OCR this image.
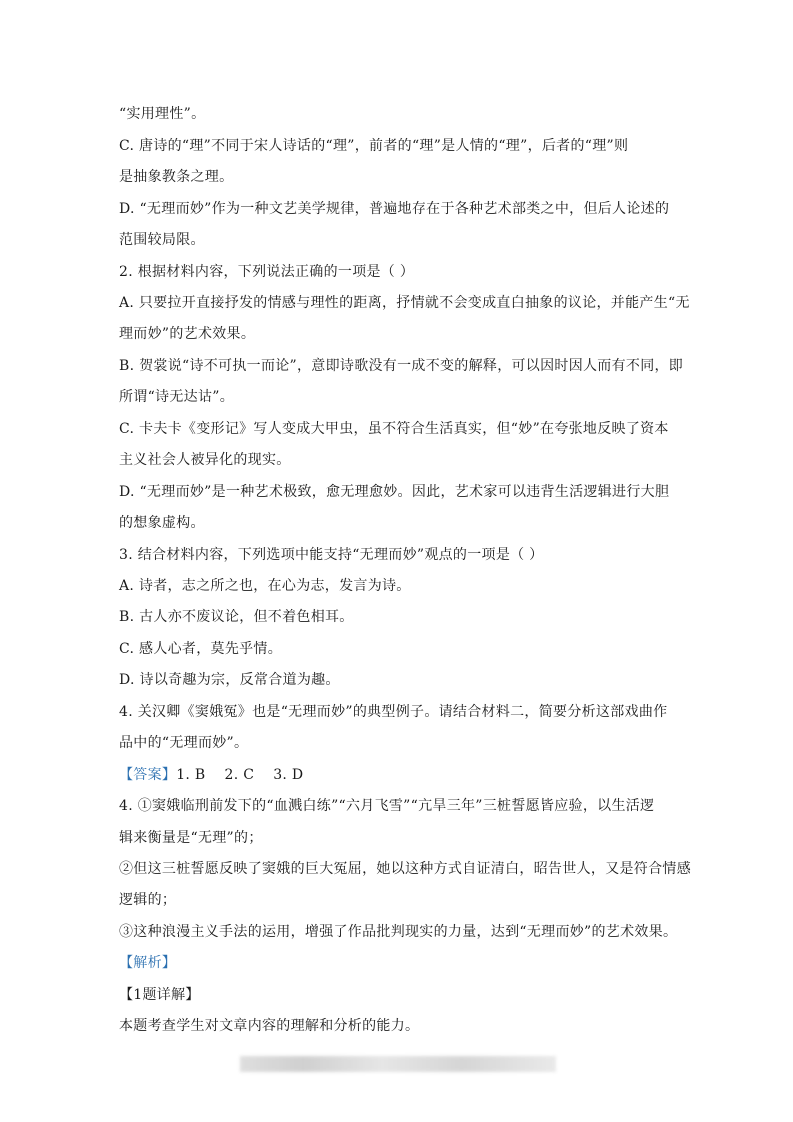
“实用理性”。
C. 唐诗的“理”不同于宋人诗话的“理”，前者的“理”是人情的“理”，后者的“理”则
是抽象教条之理。
D. “无理而妙”作为一种文艺美学规律，普遍地存在于各种艺术部类之中，但后人论述的
范围较局限。
2. 根据材料内容，下列说法正确的一项是（ ）
A. 只要拉开直接抒发的情感与理性的距离，抒情就不会变成直白抽象的议论，并能产生“无
理而妙”的艺术效果。
B. 贺裳说“诗不可执一而论”，意即诗歌没有一成不变的解释，可以因时因人而有不同，即
所谓“诗无达诂”。
C. 卡夫卡《变形记》写人变成大甲虫，虽不符合生活真实，但“妙”在夸张地反映了资本
主义社会人被异化的现实。
D. “无理而妙”是一种艺术极致，愈无理愈妙。因此，艺术家可以违背生活逻辑进行大胆
的想象虚构。
3. 结合材料内容，下列选项中能支持“无理而妙”观点的一项是（ ）
A. 诗者，志之所之也，在心为志，发言为诗。
B. 古人亦不废议论，但不着色相耳。
C. 感人心者，莫先乎情。
D. 诗以奇趣为宗，反常合道为趣。
4. 关汉卿《窦娥冤》也是“无理而妙”的典型例子。请结合材料二，简要分析这部戏曲作
品中的“无理而妙”。
【答案】1. B    2. C    3. D
4. ①窦娥临刑前发下的“血溅白练”“六月飞雪”“亢旱三年”三桩誓愿皆应验，以生活逻
辑来衡量是“无理”的；
②但这三桩誓愿反映了窦娥的巨大冤屈，她以这种方式自证清白，昭告世人，又是符合情感
逻辑的；
③这种浪漫主义手法的运用，增强了作品批判现实的力量，达到“无理而妙”的艺术效果。
【解析】
【1题详解】
本题考查学生对文章内容的理解和分析的能力。
